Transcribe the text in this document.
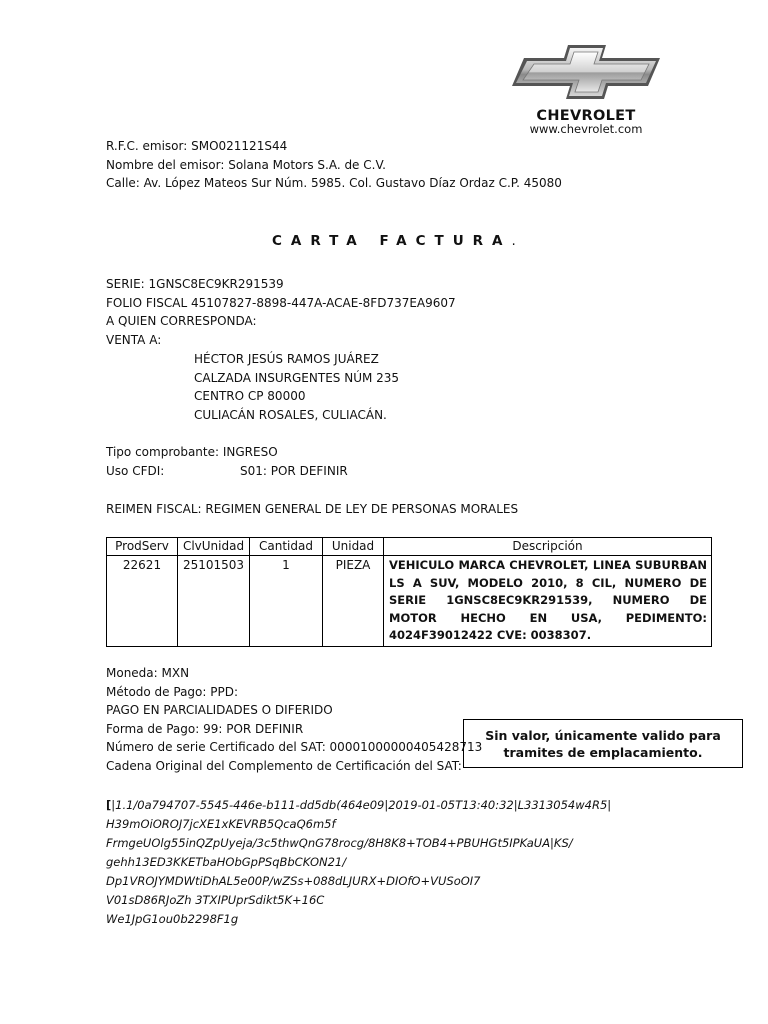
CHEVROLET
www.chevrolet.com
R.F.C. emisor: SMO021121S44
Nombre del emisor: Solana Motors S.A. de C.V.
Calle: Av. López Mateos Sur Núm. 5985. Col. Gustavo Díaz Ordaz C.P. 45080
CARTA FACTURA.
SERIE: 1GNSC8EC9KR291539
FOLIO FISCAL 45107827-8898-447A-ACAE-8FD737EA9607
A QUIEN CORRESPONDA:
VENTA A:
HÉCTOR JESÚS RAMOS JUÁREZ
CALZADA INSURGENTES NÚM 235
CENTRO CP 80000
CULIACÁN ROSALES, CULIACÁN.
Tipo comprobante: INGRESO
Uso CFDI:	S01: POR DEFINIR
REIMEN FISCAL: REGIMEN GENERAL DE LEY DE PERSONAS MORALES
ProdServ	ClvUnidad	Cantidad	Unidad	Descripción
22621	25101503	1	PIEZA	VEHICULO MARCA CHEVROLET, LINEA SUBURBAN LS A SUV, MODELO 2010, 8 CIL, NUMERO DE SERIE 1GNSC8EC9KR291539, NUMERO DE MOTOR HECHO EN USA, PEDIMENTO: 4024F39012422 CVE: 0038307.
Moneda: MXN
Método de Pago: PPD:
PAGO EN PARCIALIDADES O DIFERIDO
Forma de Pago: 99: POR DEFINIR
Número de serie Certificado del SAT: 00001000000405428713
Cadena Original del Complemento de Certificación del SAT:
Sin valor, únicamente valido para tramites de emplacamiento.
[|1.1/0a794707-5545-446e-b111-dd5db(464e09|2019-01-05T13:40:32|L3313054w4R5|
H39mOiOROJ7jcXE1xKEVRB5QcaQ6m5f
FrmgeUOlg55inQZpUyeja/3c5thwQnG78rocg/8H8K8+TOB4+PBUHGt5IPKaUA|KS/
gehh13ED3KKETbaHObGpPSqBbCKON21/
Dp1VROJYMDWtiDhAL5e00P/wZSs+088dLJURX+DIOfO+VUSoOI7
V01sD86RJoZh 3TXIPUprSdikt5K+16C
We1JpG1ou0b2298F1g
